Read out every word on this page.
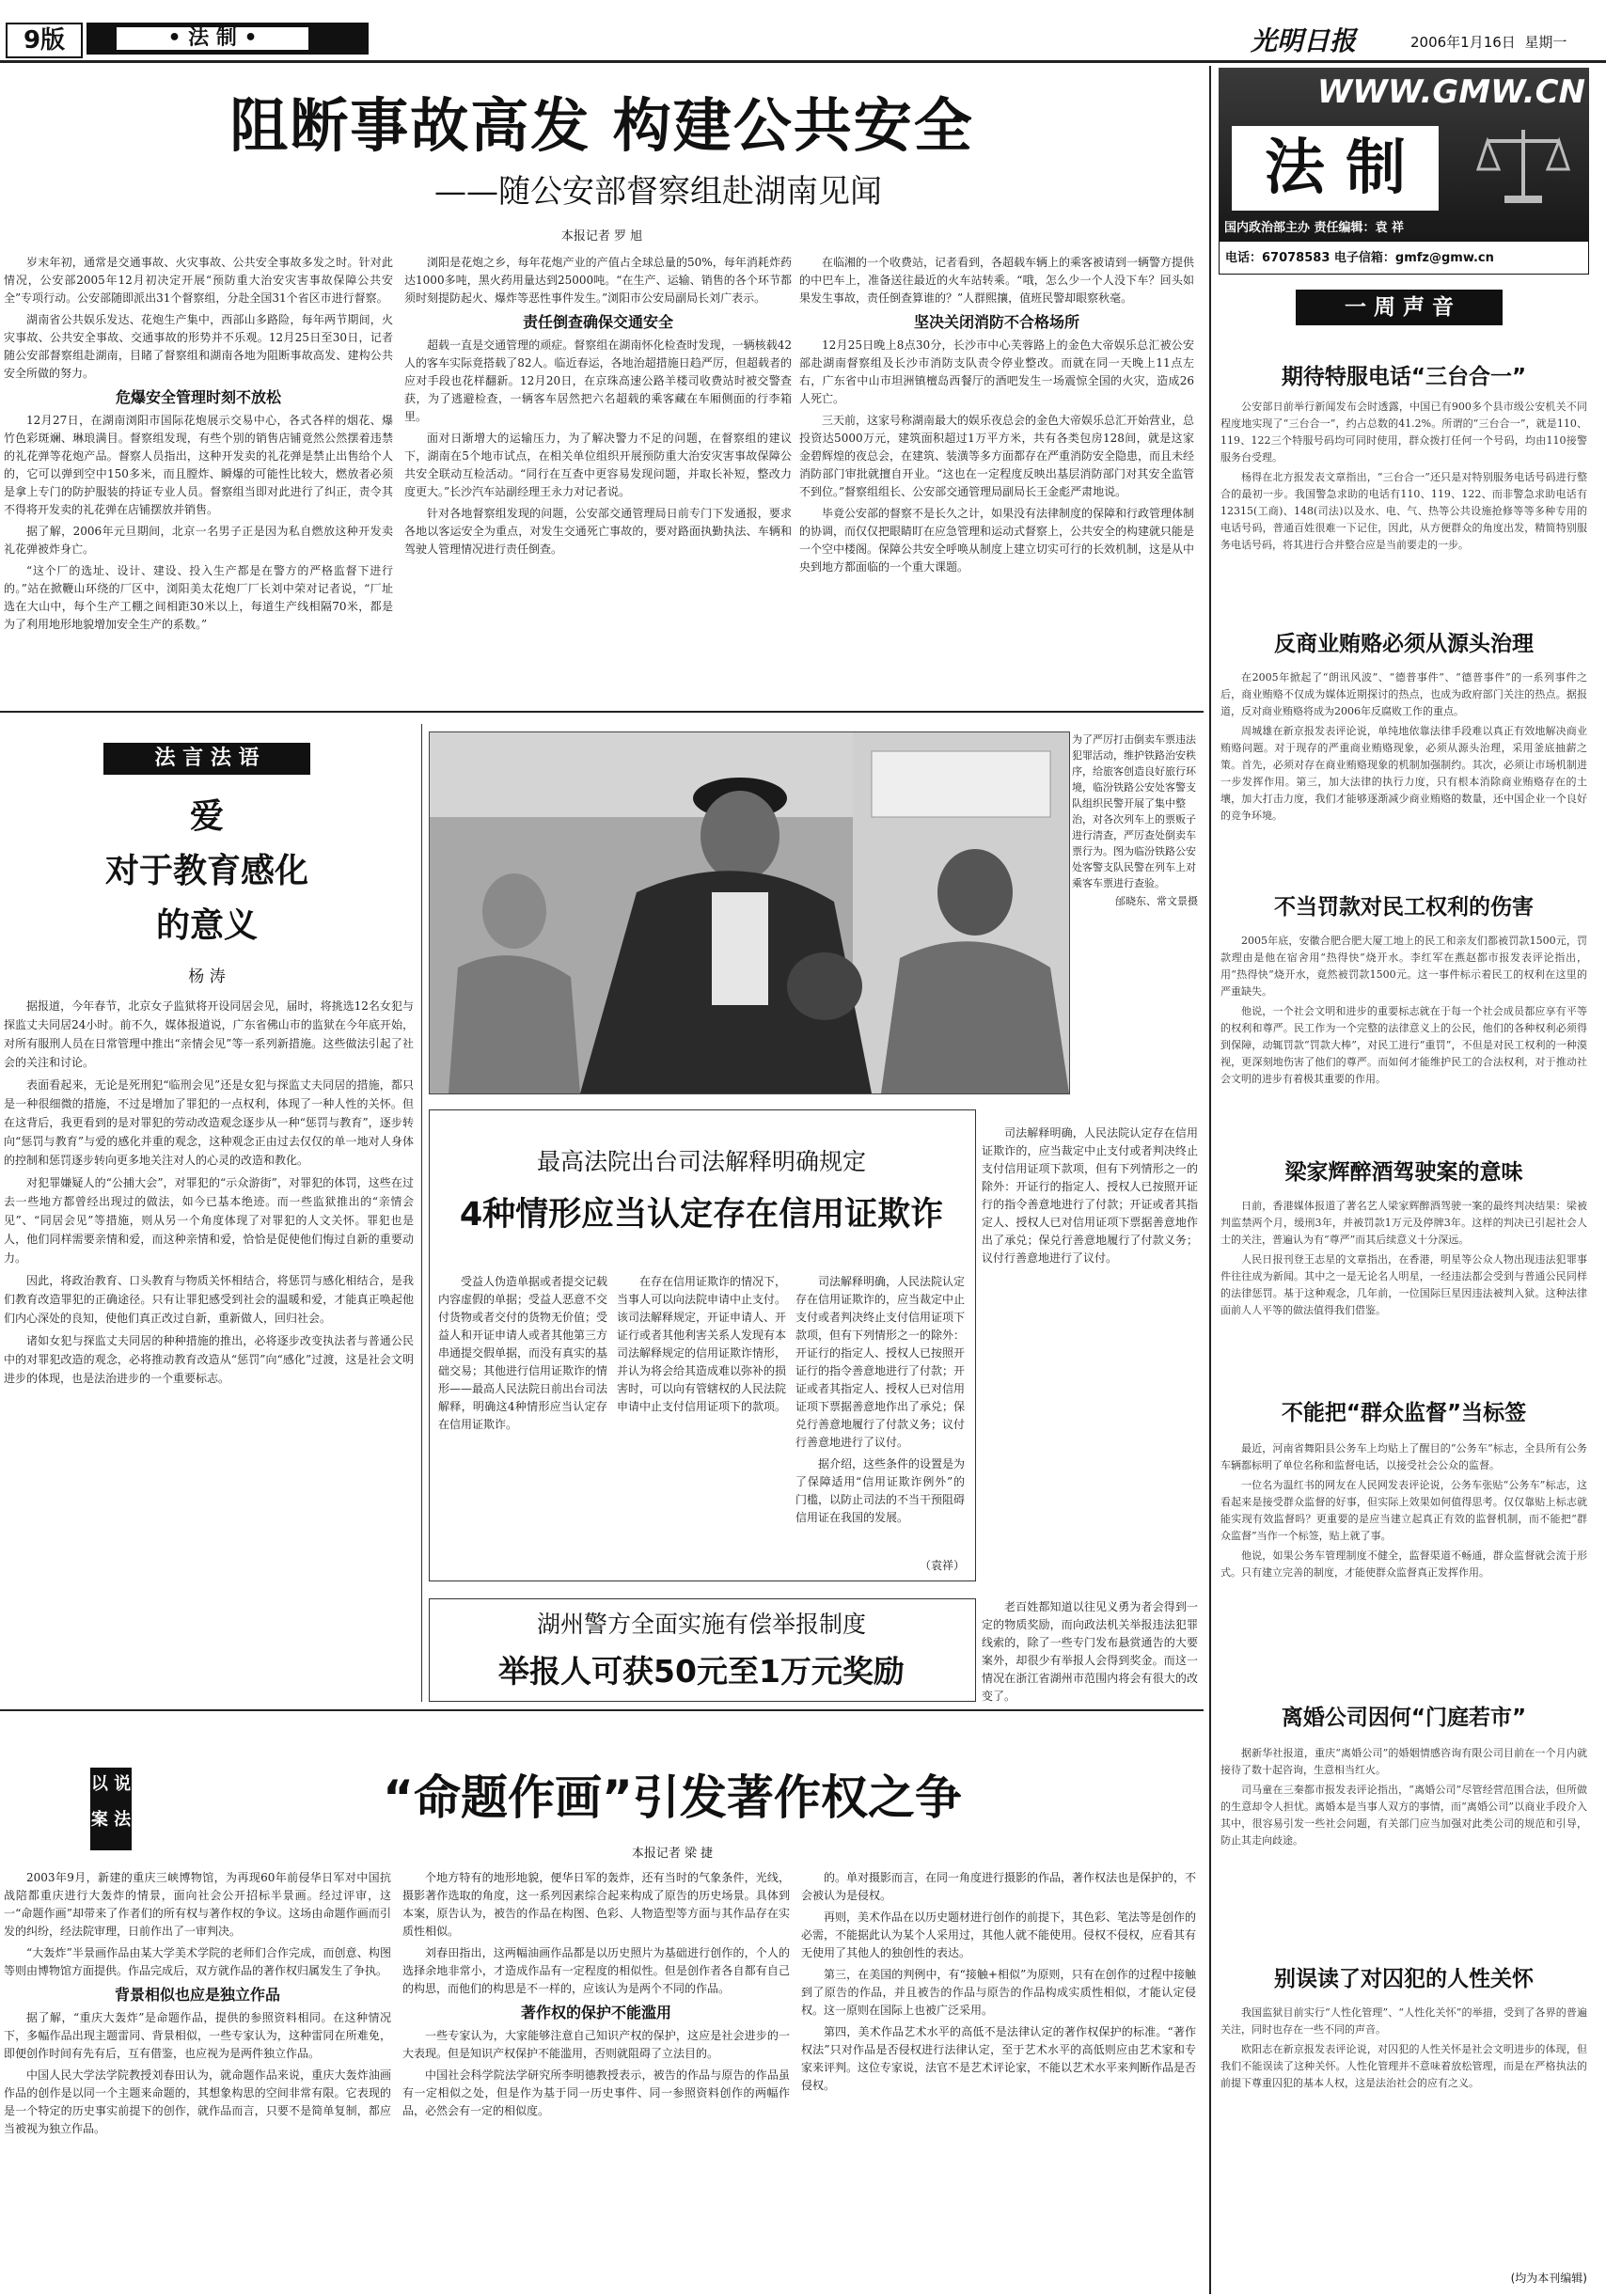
9版	• 法 制 •	光明日报	2006年1月16日 星期一
阻断事故高发 构建公共安全
——随公安部督察组赴湖南见闻
本报记者 罗 旭

岁末年初，通常是交通事故、火灾事故、公共安全事故多发之时。针对此情况，公安部2005年12月初决定开展“预防重大治安灾害事故保障公共安全”专项行动。公安部随即派出31个督察组，分赴全国31个省区市进行督察。

湖南省公共娱乐发达、花炮生产集中，西部山多路险，每年两节期间，火灾事故、公共安全事故、交通事故的形势并不乐观。12月25日至30日，记者随公安部督察组赴湖南，目睹了督察组和湖南各地为阻断事故高发、建构公共安全所做的努力。

危爆安全管理时刻不放松

12月27日，在湖南浏阳市国际花炮展示交易中心，各式各样的烟花、爆竹色彩斑斓、琳琅满目。督察组发现，有些个别的销售店铺竟然公然摆着违禁的礼花弹等花炮产品。督察人员指出，这种开发卖的礼花弹是禁止出售给个人的，它可以弹到空中150多米，而且膛炸、瞬爆的可能性比较大，燃放者必须是拿上专门的防护服装的持证专业人员。督察组当即对此进行了纠正，责令其不得将开发卖的礼花弹在店铺摆放并销售。

据了解，2006年元旦期间，北京一名男子正是因为私自燃放这种开发卖礼花弹被炸身亡。

“这个厂的选址、设计、建设、投入生产都是在警方的严格监督下进行的。”站在掀鞭山环绕的厂区中，浏阳美太花炮厂厂长刘中荣对记者说，“厂址选在大山中，每个生产工棚之间相距30米以上，每道生产线相隔70米，都是为了利用地形地貌增加安全生产的系数。”

浏阳是花炮之乡，每年花炮产业的产值占全球总量的50%，每年消耗炸药达1000多吨，黑火药用量达到25000吨。“在生产、运输、销售的各个环节都须时刻提防起火、爆炸等恶性事件发生。”浏阳市公安局副局长刘广表示。

责任倒查确保交通安全

超载一直是交通管理的顽症。督察组在湖南怀化检查时发现，一辆核载42人的客车实际竟搭载了82人。临近春运，各地治超措施日趋严厉，但超载者的应对手段也花样翻新。12月20日，在京珠高速公路羊楼司收费站时被交警查获，为了逃避检查，一辆客车居然把六名超载的乘客藏在车厢侧面的行李箱里。

面对日渐增大的运输压力，为了解决警力不足的问题，在督察组的建议下，湖南在5个地市试点，在相关单位组织开展预防重大治安灾害事故保障公共安全联动互检活动。“同行在互查中更容易发现问题，并取长补短，整改力度更大。”长沙汽车站副经理王永力对记者说。

针对各地督察组发现的问题，公安部交通管理局日前专门下发通报，要求各地以客运安全为重点，对发生交通死亡事故的，要对路面执勤执法、车辆和驾驶人管理情况进行责任倒查。

在临湘的一个收费站，记者看到，各超载车辆上的乘客被请到一辆警方提供的中巴车上，准备送往最近的火车站转乘。“哦，怎么少一个人没下车？回头如果发生事故，责任倒查算谁的？”人群熙攘，值班民警却眼察秋毫。

坚决关闭消防不合格场所

12月25日晚上8点30分，长沙市中心芙蓉路上的金色大帝娱乐总汇被公安部赴湖南督察组及长沙市消防支队责令停业整改。而就在同一天晚上11点左右，广东省中山市坦洲镇檀岛西餐厅的酒吧发生一场震惊全国的火灾，造成26人死亡。

三天前，这家号称湖南最大的娱乐夜总会的金色大帝娱乐总汇开始营业，总投资达5000万元，建筑面积超过1万平方米，共有各类包房128间，就是这家金碧辉煌的夜总会，在建筑、装潢等多方面都存在严重消防安全隐患，而且未经消防部门审批就擅自开业。“这也在一定程度反映出基层消防部门对其安全监管不到位。”督察组组长、公安部交通管理局副局长王金彪严肃地说。

毕竟公安部的督察不是长久之计，如果没有法律制度的保障和行政管理体制的协调，而仅仅把眼睛盯在应急管理和运动式督察上，公共安全的构建就只能是一个空中楼阁。保障公共安全呼唤从制度上建立切实可行的长效机制，这是从中央到地方都面临的一个重大课题。

法 言 法 语
爱
对于教育感化
的意义
杨 涛

据报道，今年春节，北京女子监狱将开设同居会见，届时，将挑选12名女犯与探监丈夫同居24小时。前不久，媒体报道说，广东省佛山市的监狱在今年底开始，对所有服刑人员在日常管理中推出“亲情会见”等一系列新措施。这些做法引起了社会的关注和讨论。

表面看起来，无论是死刑犯“临刑会见”还是女犯与探监丈夫同居的措施，都只是一种很细微的措施，不过是增加了罪犯的一点权利，体现了一种人性的关怀。但在这背后，我更看到的是对罪犯的劳动改造观念逐步从一种“惩罚与教育”，逐步转向“惩罚与教育”与爱的感化并重的观念，这种观念正由过去仅仅的单一地对人身体的控制和惩罚逐步转向更多地关注对人的心灵的改造和教化。

对犯罪嫌疑人的“公捕大会”，对罪犯的“示众游街”，对罪犯的体罚，这些在过去一些地方都曾经出现过的做法，如今已基本绝迹。而一些监狱推出的“亲情会见”、“同居会见”等措施，则从另一个角度体现了对罪犯的人文关怀。罪犯也是人，他们同样需要亲情和爱，而这种亲情和爱，恰恰是促使他们悔过自新的重要动力。

因此，将政治教育、口头教育与物质关怀相结合，将惩罚与感化相结合，是我们教育改造罪犯的正确途径。只有让罪犯感受到社会的温暖和爱，才能真正唤起他们内心深处的良知，使他们真正改过自新，重新做人，回归社会。

诸如女犯与探监丈夫同居的种种措施的推出，必将逐步改变执法者与普通公民中的对罪犯改造的观念，必将推动教育改造从“惩罚”向“感化”过渡，这是社会文明进步的体现，也是法治进步的一个重要标志。

为了严厉打击倒卖车票违法犯罪活动，维护铁路治安秩序，给旅客创造良好旅行环境，临汾铁路公安处客警支队组织民警开展了集中整治，对各次列车上的票贩子进行清查，严厉查处倒卖车票行为。图为临汾铁路公安处客警支队民警在列车上对乘客车票进行查验。
邰晓东、常文景摄
最高法院出台司法解释明确规定
4种情形应当认定存在信用证欺诈

受益人伪造单据或者提交记载内容虚假的单据；受益人恶意不交付货物或者交付的货物无价值；受益人和开证申请人或者其他第三方串通提交假单据，而没有真实的基础交易；其他进行信用证欺诈的情形——最高人民法院日前出台司法解释，明确这4种情形应当认定存在信用证欺诈。

在存在信用证欺诈的情况下，当事人可以向法院申请中止支付。该司法解释规定，开证申请人、开证行或者其他利害关系人发现有本司法解释规定的信用证欺诈情形，并认为将会给其造成难以弥补的损害时，可以向有管辖权的人民法院申请中止支付信用证项下的款项。

司法解释明确，人民法院认定存在信用证欺诈的，应当裁定中止支付或者判决终止支付信用证项下款项，但有下列情形之一的除外：开证行的指定人、授权人已按照开证行的指令善意地进行了付款；开证或者其指定人、授权人已对信用证项下票据善意地作出了承兑；保兑行善意地履行了付款义务；议付行善意地进行了议付。

据介绍，这些条件的设置是为了保障适用“信用证欺诈例外”的门槛，以防止司法的不当干预阻碍信用证在我国的发展。

（袁祥）

司法解释明确，人民法院认定存在信用证欺诈的，应当裁定中止支付或者判决终止支付信用证项下款项，但有下列情形之一的除外：开证行的指定人、授权人已按照开证行的指令善意地进行了付款；开证或者其指定人、授权人已对信用证项下票据善意地作出了承兑；保兑行善意地履行了付款义务；议付行善意地进行了议付。

湖州警方全面实施有偿举报制度
举报人可获50元至1万元奖励

老百姓都知道以往见义勇为者会得到一定的物质奖励，而向政法机关举报违法犯罪线索的，除了一些专门发布悬赏通告的大要案外，却很少有举报人会得到奖金。而这一情况在浙江省湖州市范围内将会有很大的改变了。

以 说
案 法	“命题作画”引发著作权之争
本报记者 梁 捷

2003年9月，新建的重庆三峡博物馆，为再现60年前侵华日军对中国抗战陪都重庆进行大轰炸的情景，面向社会公开招标半景画。经过评审，这一“命题作画”却带来了作者们的所有权与著作权的争议。这场由命题作画而引发的纠纷，经法院审理，日前作出了一审判决。

“大轰炸”半景画作品由某大学美术学院的老师们合作完成，而创意、构图等则由博物馆方面提供。作品完成后，双方就作品的著作权归属发生了争执。

背景相似也应是独立作品

据了解，“重庆大轰炸”是命题作品，提供的参照资料相同。在这种情况下，多幅作品出现主题雷同、背景相似，一些专家认为，这种雷同在所难免，即便创作时间有先有后，互有借鉴，也应视为是两件独立作品。

中国人民大学法学院教授刘春田认为，就命题作品来说，重庆大轰炸油画作品的创作是以同一个主题来命题的，其想象构思的空间非常有限。它表现的是一个特定的历史事实前提下的创作，就作品而言，只要不是简单复制，都应当被视为独立作品。

个地方特有的地形地貌，便华日军的轰炸，还有当时的气象条件，光线，摄影著作选取的角度，这一系列因素综合起来构成了原告的历史场景。具体到本案，原告认为，被告的作品在构图、色彩、人物造型等方面与其作品存在实质性相似。

刘春田指出，这两幅油画作品都是以历史照片为基础进行创作的，个人的选择余地非常小，才造成作品有一定程度的相似性。但是创作者各自都有自己的构思，而他们的构思是不一样的，应该认为是两个不同的作品。

著作权的保护不能滥用

一些专家认为，大家能够注意自己知识产权的保护，这应是社会进步的一大表现。但是知识产权保护不能滥用，否则就阻碍了立法目的。

中国社会科学院法学研究所李明德教授表示，被告的作品与原告的作品虽有一定相似之处，但是作为基于同一历史事件、同一参照资料创作的两幅作品，必然会有一定的相似度。

的。单对摄影而言，在同一角度进行摄影的作品，著作权法也是保护的，不会被认为是侵权。

再则，美术作品在以历史题材进行创作的前提下，其色彩、笔法等是创作的必需，不能据此认为某个人采用过，其他人就不能使用。侵权不侵权，应看其有无使用了其他人的独创性的表达。

第三，在美国的判例中，有“接触+相似”为原则，只有在创作的过程中接触到了原告的作品，并且被告的作品与原告的作品构成实质性相似，才能认定侵权。这一原则在国际上也被广泛采用。

第四，美术作品艺术水平的高低不是法律认定的著作权保护的标准。“著作权法”只对作品是否侵权进行法律认定，至于艺术水平的高低则应由艺术家和专家来评判。这位专家说，法官不是艺术评论家，不能以艺术水平来判断作品是否侵权。

WWW.GMW.CN
法 制
国内政治部主办 责任编辑：袁 祥
电话：67078583 电子信箱：gmfz@gmw.cn
一 周 声 音
期待特服电话“三台合一”

公安部日前举行新闻发布会时透露，中国已有900多个县市级公安机关不同程度地实现了“三台合一”，约占总数的41.2%。所谓的“三台合一”，就是110、119、122三个特服号码均可同时使用，群众拨打任何一个号码，均由110接警服务台受理。

杨得在北方报发表文章指出，“三台合一”还只是对特别服务电话号码进行整合的最初一步。我国警急求助的电话有110、119、122、而非警急求助电话有12315(工商)、148(司法)以及水、电、气、热等公共设施抢修等等多种专用的电话号码，普通百姓很难一下记住，因此，从方便群众的角度出发，精简特别服务电话号码，将其进行合并整合应是当前要走的一步。

反商业贿赂必须从源头治理

在2005年掀起了“朗讯风波”、“德普事件”、“德普事件”的一系列事件之后，商业贿赂不仅成为媒体近期探讨的热点，也成为政府部门关注的热点。据报道，反对商业贿赂将成为2006年反腐败工作的重点。

周城雄在新京报发表评论说，单纯地依靠法律手段难以真正有效地解决商业贿赂问题。对于现存的严重商业贿赂现象，必须从源头治理，采用釜底抽薪之策。首先，必须对存在商业贿赂现象的机制加强制约。其次，必须让市场机制进一步发挥作用。第三，加大法律的执行力度，只有根本消除商业贿赂存在的土壤，加大打击力度，我们才能够逐渐减少商业贿赂的数量，还中国企业一个良好的竞争环境。

不当罚款对民工权利的伤害

2005年底，安徽合肥合肥大厦工地上的民工和亲友们都被罚款1500元，罚款理由是他在宿舍用“热得快”烧开水。李红军在燕赵都市报发表评论指出，用“热得快”烧开水，竟然被罚款1500元。这一事件标示着民工的权利在这里的严重缺失。

他说，一个社会文明和进步的重要标志就在于每一个社会成员都应享有平等的权利和尊严。民工作为一个完整的法律意义上的公民，他们的各种权利必须得到保障，动辄罚款“罚款大棒”，对民工进行“重罚”，不但是对民工权利的一种漠视，更深刻地伤害了他们的尊严。而如何才能维护民工的合法权利，对于推动社会文明的进步有着极其重要的作用。

梁家辉醉酒驾驶案的意味

日前，香港媒体报道了著名艺人梁家辉醉酒驾驶一案的最终判决结果：梁被判监禁两个月，缓刑3年，并被罚款1万元及停牌3年。这样的判决已引起社会人士的关注，普遍认为有“尊严”而其后续意义十分深远。

人民日报刊登王志星的文章指出，在香港，明星等公众人物出现违法犯罪事件往往成为新闻。其中之一是无论名人明星，一经违法都会受到与普通公民同样的法律惩罚。基于这种观念，几年前，一位国际巨星因违法被判入狱。这种法律面前人人平等的做法值得我们借鉴。

不能把“群众监督”当标签

最近，河南省舞阳县公务车上均贴上了醒目的“公务车”标志，全县所有公务车辆都标明了单位名称和监督电话，以接受社会公众的监督。

一位名为温红书的网友在人民网发表评论说，公务车张贴“公务车”标志，这看起来是接受群众监督的好事，但实际上效果如何值得思考。仅仅靠贴上标志就能实现有效监督吗？更重要的是应当建立起真正有效的监督机制，而不能把“群众监督”当作一个标签，贴上就了事。

他说，如果公务车管理制度不健全，监督渠道不畅通，群众监督就会流于形式。只有建立完善的制度，才能使群众监督真正发挥作用。

离婚公司因何“门庭若市”

据新华社报道，重庆“离婚公司”的婚姻情感咨询有限公司目前在一个月内就接待了数十起咨询，生意相当红火。

司马童在三秦都市报发表评论指出，“离婚公司”尽管经营范围合法，但所做的生意却令人担忧。离婚本是当事人双方的事情，而“离婚公司”以商业手段介入其中，很容易引发一些社会问题，有关部门应当加强对此类公司的规范和引导，防止其走向歧途。

别误读了对囚犯的人性关怀

我国监狱目前实行“人性化管理”、“人性化关怀”的举措，受到了各界的普遍关注，同时也存在一些不同的声音。

欧阳志在新京报发表评论说，对囚犯的人性关怀是社会文明进步的体现，但我们不能误读了这种关怀。人性化管理并不意味着放松管理，而是在严格执法的前提下尊重囚犯的基本人权，这是法治社会的应有之义。

(均为本刊编辑)
